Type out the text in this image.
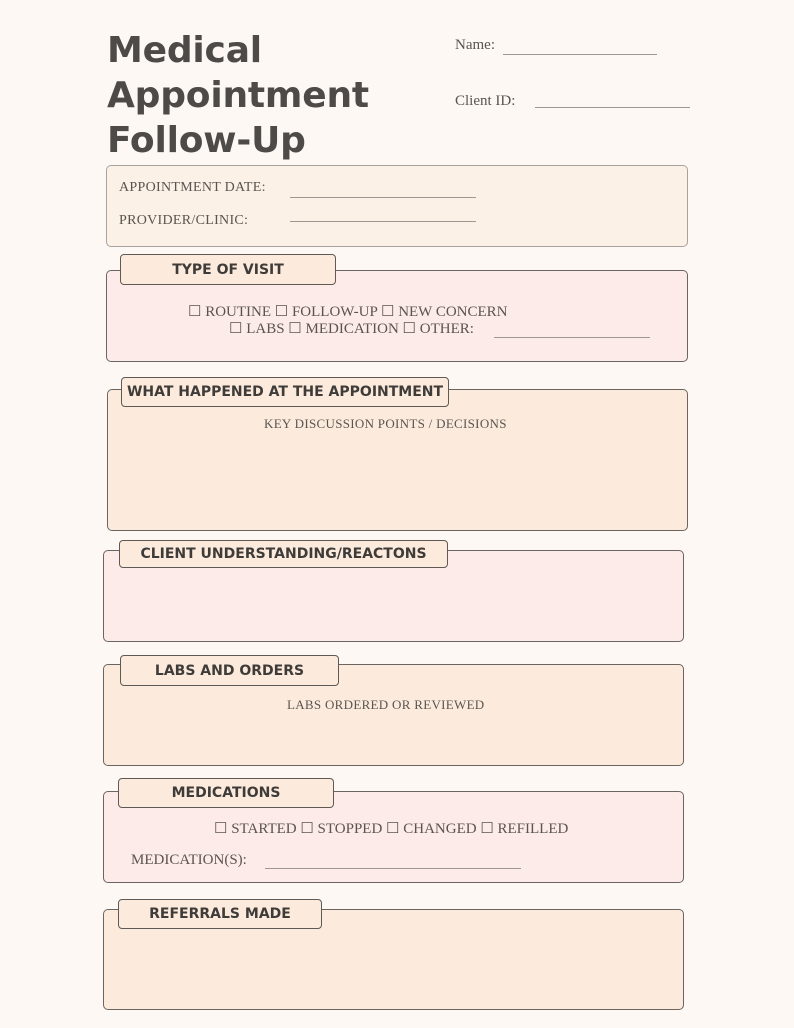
Medical
Appointment
Follow-Up
Name:
Client ID:
APPOINTMENT DATE:
PROVIDER/CLINIC:
TYPE OF VISIT
☐ ROUTINE ☐ FOLLOW-UP ☐ NEW CONCERN
☐ LABS ☐ MEDICATION ☐ OTHER:
WHAT HAPPENED AT THE APPOINTMENT
KEY DISCUSSION POINTS / DECISIONS
CLIENT UNDERSTANDING/REACTONS
LABS AND ORDERS
LABS ORDERED OR REVIEWED
MEDICATIONS
☐ STARTED ☐ STOPPED ☐ CHANGED ☐ REFILLED
MEDICATION(S):
REFERRALS MADE
